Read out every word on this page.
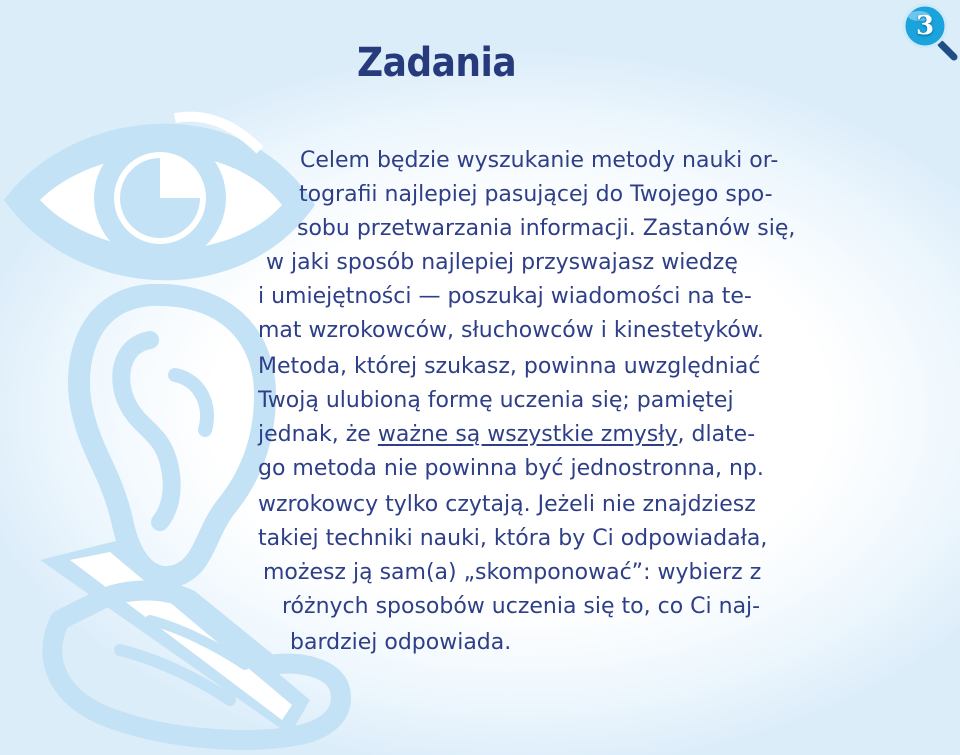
3
Zadania
Celem będzie wyszukanie metody nauki or-
tografii najlepiej pasującej do Twojego spo-
sobu przetwarzania informacji. Zastanów się,
w jaki sposób najlepiej przyswajasz wiedzę
i umiejętności — poszukaj wiadomości na te-
mat wzrokowców, słuchowców i kinestetyków.
Metoda, której szukasz, powinna uwzględniać
Twoją ulubioną formę uczenia się; pamiętej
jednak, że ważne są wszystkie zmysły, dlate-
go metoda nie powinna być jednostronna, np.
wzrokowcy tylko czytają. Jeżeli nie znajdziesz
takiej techniki nauki, która by Ci odpowiadała,
możesz ją sam(a) „skomponować”: wybierz z
różnych sposobów uczenia się to, co Ci naj-
bardziej odpowiada.
